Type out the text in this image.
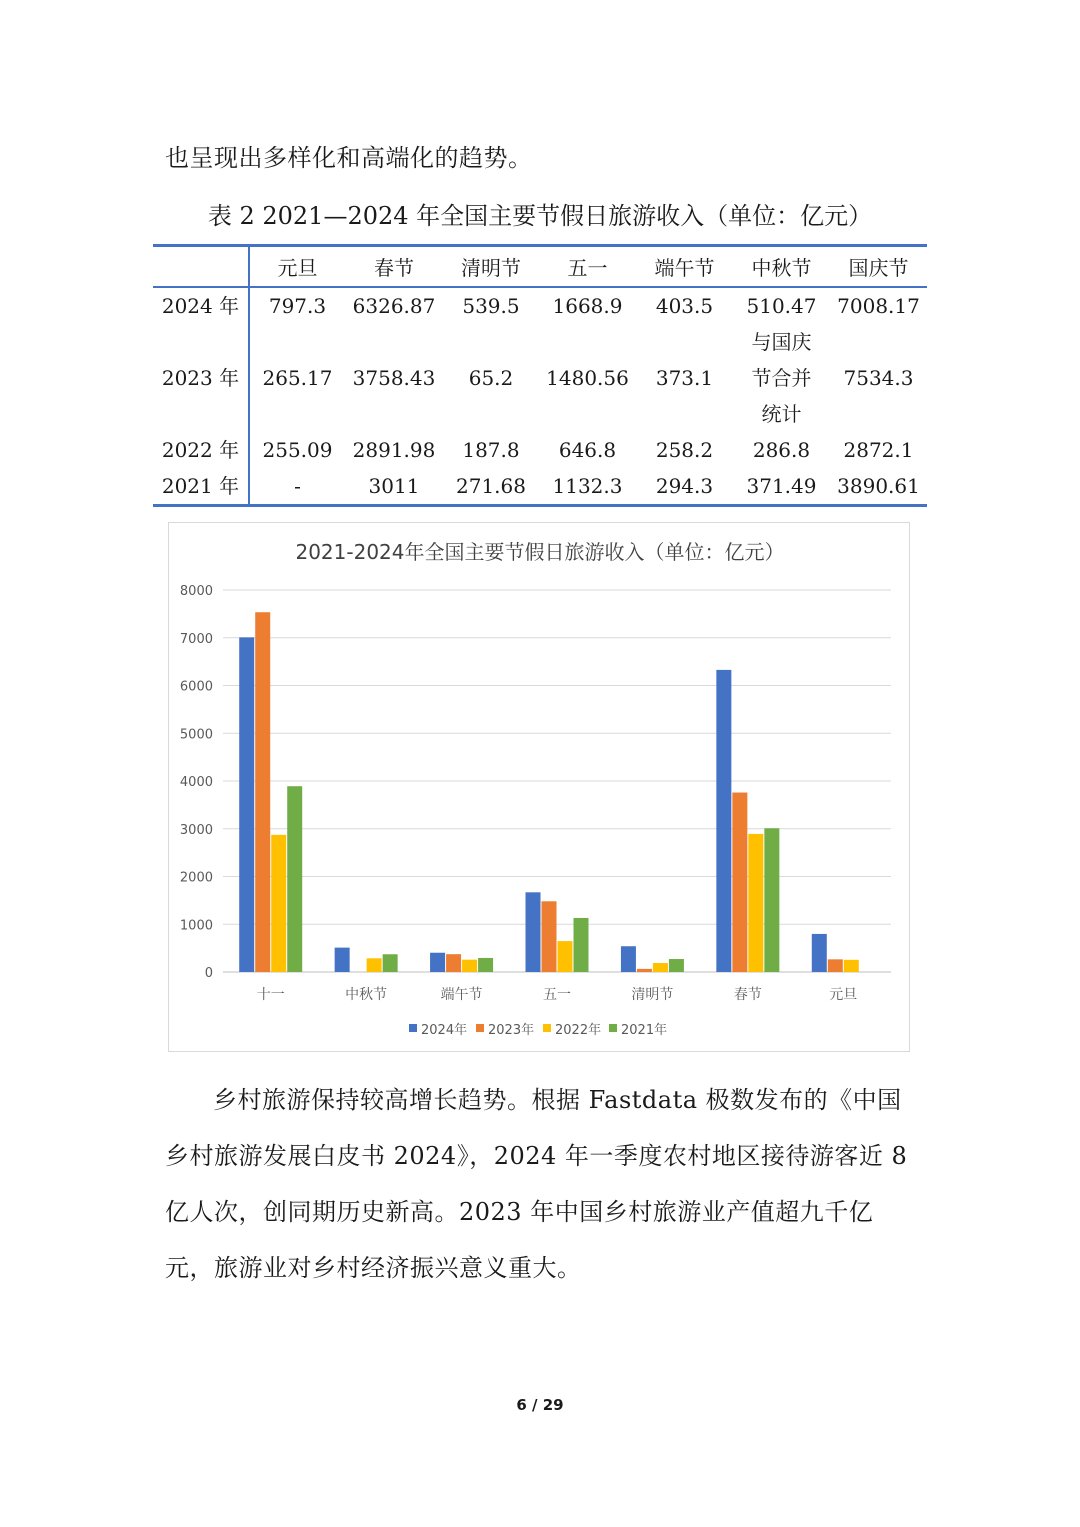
也呈现出多样化和高端化的趋势。

表 2 2021—2024 年全国主要节假日旅游收入（单位：亿元）
	元旦	春节	清明节	五一	端午节	中秋节	国庆节
2024 年	797.3	6326.87	539.5	1668.9	403.5	510.47	7008.17
2023 年	265.17	3758.43	65.2	1480.56	373.1	与国庆
节合并
统计	7534.3
2022 年	255.09	2891.98	187.8	646.8	258.2	286.8	2872.1
2021 年	-	3011	271.68	1132.3	294.3	371.49	3890.61
2021-2024年全国主要节假日旅游收入（单位：亿元）
0
1000
2000
3000
4000
5000
6000
7000
8000
十一	中秋节	端午节	五一	清明节	春节	元旦
2024年 2023年 2022年 2021年

乡村旅游保持较高增长趋势。根据 Fastdata 极数发布的《中国乡村旅游发展白皮书 2024》，2024 年一季度农村地区接待游客近 8 亿人次，创同期历史新高。2023 年中国乡村旅游业产值超九千亿元，旅游业对乡村经济振兴意义重大。

6 / 29
